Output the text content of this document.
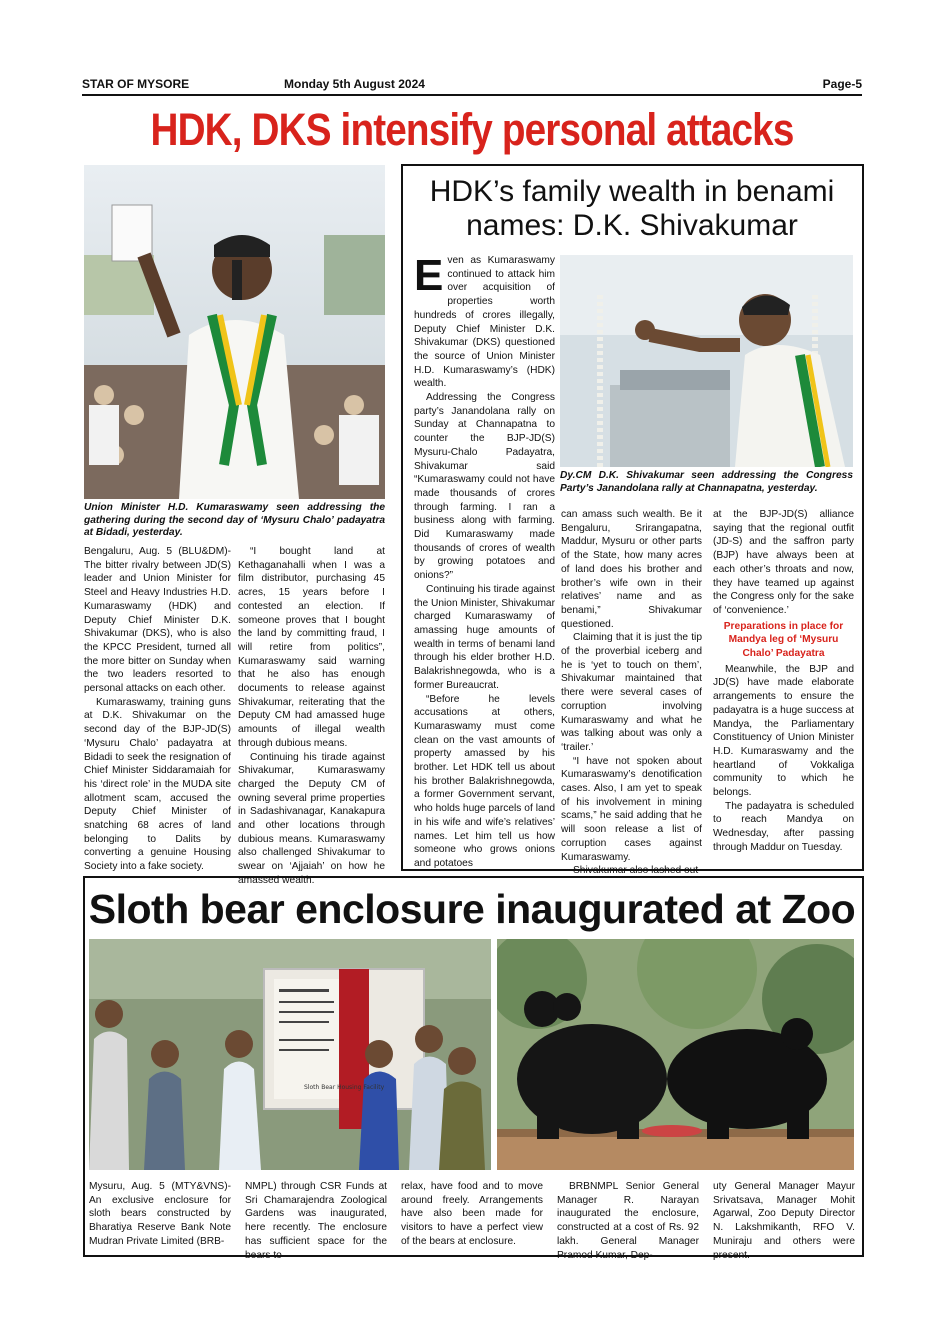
STAR OF MYSORE	Monday 5th August 2024	Page-5
HDK, DKS intensify personal attacks
Union Minister H.D. Kumaraswamy seen addressing the gathering during the second day of ‘Mysuru Chalo’ padayatra at Bidadi, yesterday.

Bengaluru, Aug. 5 (BLU&DM)- The bitter rivalry between JD(S) leader and Union Minister for Steel and Heavy Industries H.D. Kumaraswamy (HDK) and Deputy Chief Minister D.K. Shivakumar (DKS), who is also the KPCC President, turned all the more bitter on Sunday when the two leaders resorted to personal attacks on each other.

Kumaraswamy, training guns at D.K. Shivakumar on the second day of the BJP-JD(S) ‘Mysuru Chalo’ padayatra at Bidadi to seek the resignation of Chief Minister Siddaramaiah for his ‘direct role’ in the MUDA site allotment scam, accused the Deputy Chief Minister of snatching 68 acres of land belonging to Dalits by converting a genuine Housing Society into a fake society.

“I bought land at Kethaganahalli when I was a film distributor, purchasing 45 acres, 15 years before I contested an election. If someone proves that I bought the land by committing fraud, I will retire from politics”, Kumaraswamy said warning that he also has enough documents to release against Shivakumar, reiterating that the Deputy CM had amassed huge amounts of illegal wealth through dubious means.

Continuing his tirade against Shivakumar, Kumaraswamy charged the Deputy CM of owning several prime properties in Sadashivanagar, Kanakapura and other locations through dubious means. Kumaraswamy also challenged Shivakumar to swear on ‘Ajjaiah’ on how he amassed wealth.

HDK’s family wealth in benami names: D.K. Shivakumar
E ven as Kumaraswamy continued to attack him over acquisition of properties worth hundreds of crores illegally, Deputy Chief Minister D.K. Shivakumar (DKS) questioned the source of Union Minister H.D. Kumaraswamy’s (HDK) wealth.

Addressing the Congress party’s Janandolana rally on Sunday at Channapatna to counter the BJP-JD(S) Mysuru-Chalo Padayatra, Shivakumar said “Kumaraswamy could not have made thousands of crores through farming. I ran a business along with farming. Did Kumaraswamy made thousands of crores of wealth by growing potatoes and onions?”

Continuing his tirade against the Union Minister, Shivakumar charged Kumaraswamy of amassing huge amounts of wealth in terms of benami land through his elder brother H.D. Balakrishnegowda, who is a former Bureaucrat.

“Before he levels accusations at others, Kumaraswamy must come clean on the vast amounts of property amassed by his brother. Let HDK tell us about his brother Balakrishnegowda, a former Government servant, who holds huge parcels of land in his wife and wife’s relatives’ names. Let him tell us how someone who grows onions and potatoes

Dy.CM D.K. Shivakumar seen addressing the Congress Party’s Janandolana rally at Channapatna, yesterday.

can amass such wealth. Be it Bengaluru, Srirangapatna, Maddur, Mysuru or other parts of the State, how many acres of land does his brother and brother’s wife own in their relatives’ name and as benami,” Shivakumar questioned.

Claiming that it is just the tip of the proverbial iceberg and he is ‘yet to touch on them’, Shivakumar maintained that there were several cases of corruption involving Kumaraswamy and what he was talking about was only a ‘trailer.’

“I have not spoken about Kumaraswamy’s denotification cases. Also, I am yet to speak of his involvement in mining scams,” he said adding that he will soon release a list of corruption cases against Kumaraswamy.

Shivakumar also lashed out

at the BJP-JD(S) alliance saying that the regional outfit (JD-S) and the saffron party (BJP) have always been at each other’s throats and now, they have teamed up against the Congress only for the sake of ‘convenience.’

Preparations in place for Mandya leg of ‘Mysuru Chalo’ Padayatra

Meanwhile, the BJP and JD(S) have made elaborate arrangements to ensure the padayatra is a huge success at Mandya, the Parliamentary Constituency of Union Minister H.D. Kumaraswamy and the heartland of Vokkaliga community to which he belongs.

The padayatra is scheduled to reach Mandya on Wednesday, after passing through Maddur on Tuesday.

Sloth bear enclosure inaugurated at Zoo
Sloth Bear Housing Facility

Mysuru, Aug. 5 (MTY&VNS)- An exclusive enclosure for sloth bears constructed by Bharatiya Reserve Bank Note Mudran Private Limited (BRB-

NMPL) through CSR Funds at Sri Chamarajendra Zoological Gardens was inaugurated, here recently. The enclosure has sufficient space for the bears to

relax, have food and to move around freely. Arrangements have also been made for visitors to have a perfect view of the bears at enclosure.

BRBNMPL Senior General Manager R. Narayan inaugurated the enclosure, constructed at a cost of Rs. 92 lakh. General Manager Pramod Kumar, Dep-

uty General Manager Mayur Srivatsava, Manager Mohit Agarwal, Zoo Deputy Director N. Lakshmikanth, RFO V. Muniraju and others were present.
